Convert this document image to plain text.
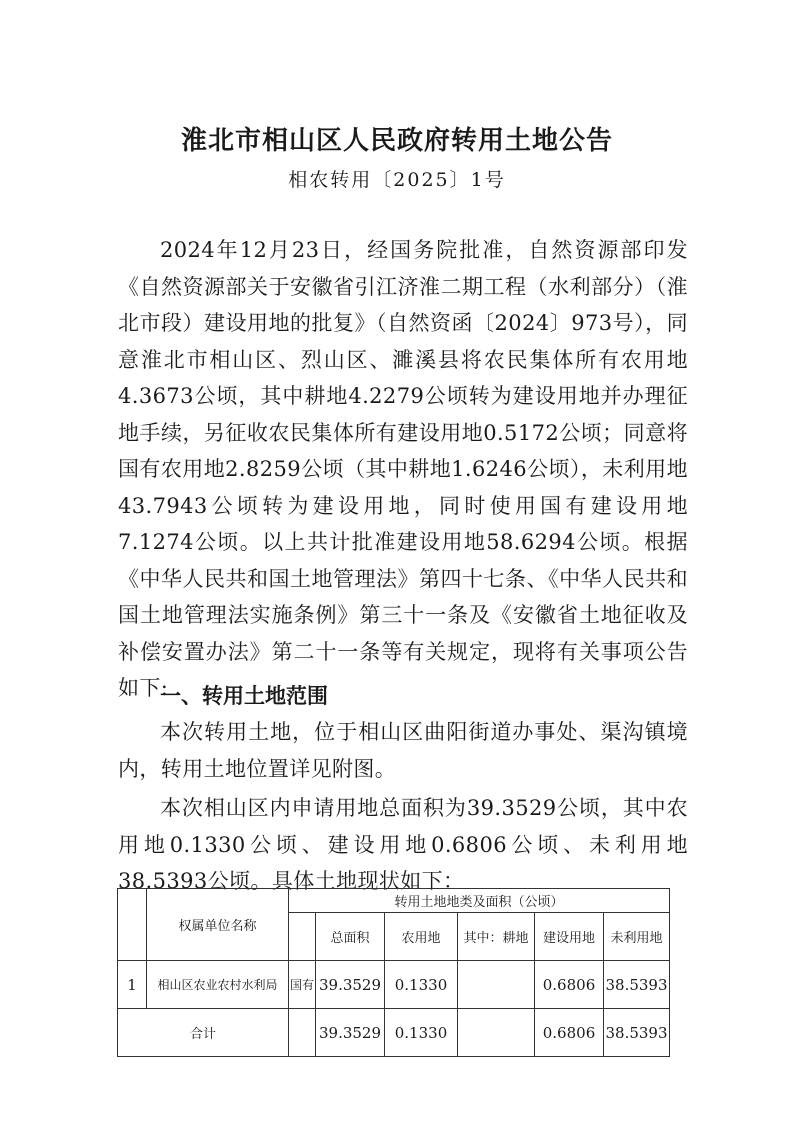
淮北市相山区人民政府转用土地公告
相农转用〔2025〕1号

2024年12月23日，经国务院批准，自然资源部印发《自然资源部关于安徽省引江济淮二期工程（水利部分）（淮北市段）建设用地的批复》（自然资函〔2024〕973号），同意淮北市相山区、烈山区、濉溪县将农民集体所有农用地4.3673公顷，其中耕地4.2279公顷转为建设用地并办理征地手续，另征收农民集体所有建设用地0.5172公顷；同意将国有农用地2.8259公顷（其中耕地1.6246公顷），未利用地43.7943公顷转为建设用地，同时使用国有建设用地7.1274公顷。以上共计批准建设用地58.6294公顷。根据《中华人民共和国土地管理法》第四十七条、《中华人民共和国土地管理法实施条例》第三十一条及《安徽省土地征收及补偿安置办法》第二十一条等有关规定，现将有关事项公告如下:

一、转用土地范围

本次转用土地，位于相山区曲阳街道办事处、渠沟镇境内，转用土地位置详见附图。

本次相山区内申请用地总面积为39.3529公顷，其中农用地0.1330公顷、建设用地0.6806公顷、未利用地38.5393公顷。具体土地现状如下：

	权属单位名称	转用土地地类及面积（公顷）					
			总面积	农用地	其中：耕地	建设用地	未利用地
1	相山区农业农村水利局	国有	39.3529	0.1330		0.6806	38.5393
合计			39.3529	0.1330		0.6806	38.5393
